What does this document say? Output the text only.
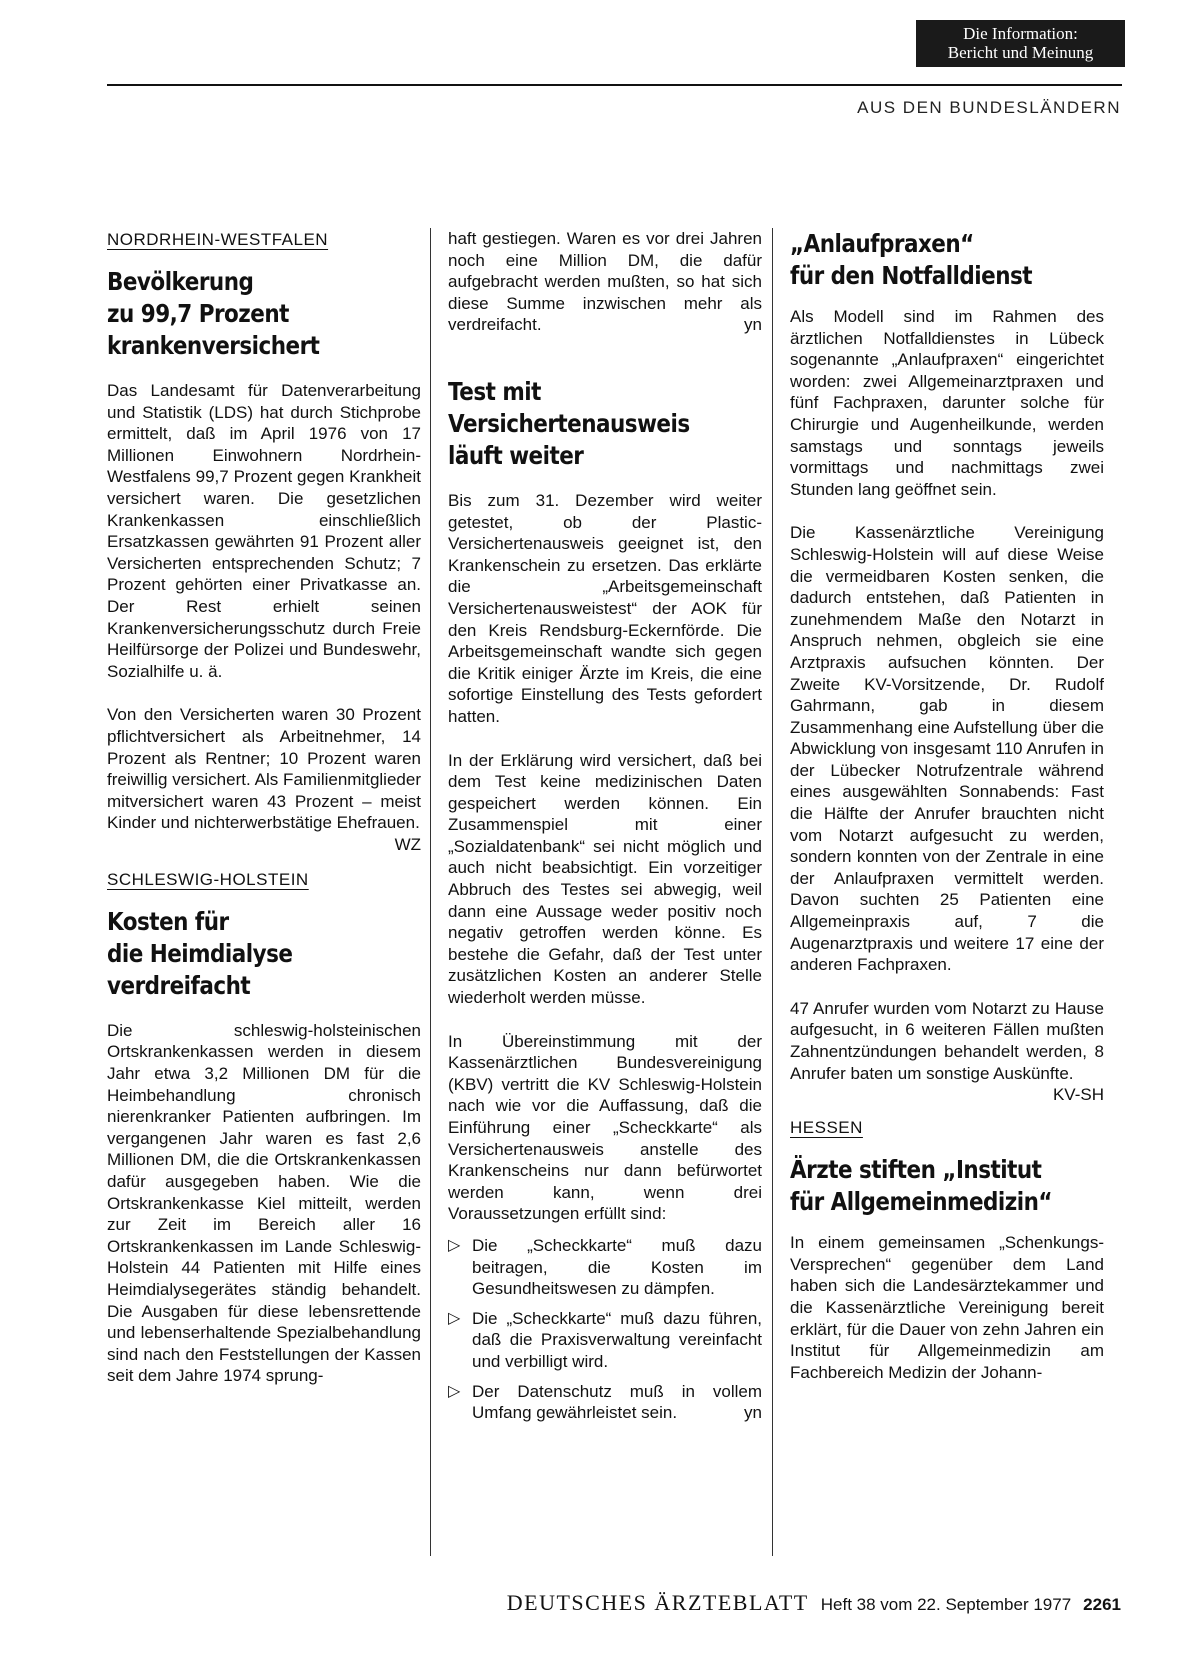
Die Information:
Bericht und Meinung
AUS DEN BUNDESLÄNDERN

NORDRHEIN-WESTFALEN

Bevölkerung
zu 99,7 Prozent
krankenversichert

Das Landesamt für Datenverarbeitung und Statistik (LDS) hat durch Stichprobe ermittelt, daß im April 1976 von 17 Millionen Einwohnern Nordrhein-Westfalens 99,7 Prozent gegen Krankheit versichert waren. Die gesetzlichen Krankenkassen einschließlich Ersatzkassen gewährten 91 Prozent aller Versicherten entsprechenden Schutz; 7 Prozent gehörten einer Privatkasse an. Der Rest erhielt seinen Krankenversicherungsschutz durch Freie Heilfürsorge der Polizei und Bundeswehr, Sozialhilfe u. ä.

Von den Versicherten waren 30 Prozent pflichtversichert als Arbeitnehmer, 14 Prozent als Rentner; 10 Prozent waren freiwillig versichert. Als Familienmitglieder mitversichert waren 43 Prozent – meist Kinder und nichterwerbstätige Ehefrauen.
WZ

SCHLESWIG-HOLSTEIN

Kosten für
die Heimdialyse
verdreifacht

Die schleswig-holsteinischen Ortskrankenkassen werden in diesem Jahr etwa 3,2 Millionen DM für die Heimbehandlung chronisch nierenkranker Patienten aufbringen. Im vergangenen Jahr waren es fast 2,6 Millionen DM, die die Ortskrankenkassen dafür ausgegeben haben. Wie die Ortskrankenkasse Kiel mitteilt, werden zur Zeit im Bereich aller 16 Ortskrankenkassen im Lande Schleswig-Holstein 44 Patienten mit Hilfe eines Heimdialysegerätes ständig behandelt. Die Ausgaben für diese lebensrettende und lebenserhaltende Spezialbehandlung sind nach den Feststellungen der Kassen seit dem Jahre 1974 sprung-

haft gestiegen. Waren es vor drei Jahren noch eine Million DM, die dafür aufgebracht werden mußten, so hat sich diese Summe inzwischen mehr als verdreifacht.	yn

Test mit
Versichertenausweis
läuft weiter

Bis zum 31. Dezember wird weiter getestet, ob der Plastic-Versichertenausweis geeignet ist, den Krankenschein zu ersetzen. Das erklärte die „Arbeitsgemeinschaft Versichertenausweistest“ der AOK für den Kreis Rendsburg-Eckernförde. Die Arbeitsgemeinschaft wandte sich gegen die Kritik einiger Ärzte im Kreis, die eine sofortige Einstellung des Tests gefordert hatten.

In der Erklärung wird versichert, daß bei dem Test keine medizinischen Daten gespeichert werden können. Ein Zusammenspiel mit einer „Sozialdatenbank“ sei nicht möglich und auch nicht beabsichtigt. Ein vorzeitiger Abbruch des Testes sei abwegig, weil dann eine Aussage weder positiv noch negativ getroffen werden könne. Es bestehe die Gefahr, daß der Test unter zusätzlichen Kosten an anderer Stelle wiederholt werden müsse.

In Übereinstimmung mit der Kassenärztlichen Bundesvereinigung (KBV) vertritt die KV Schleswig-Holstein nach wie vor die Auffassung, daß die Einführung einer „Scheckkarte“ als Versichertenausweis anstelle des Krankenscheins nur dann befürwortet werden kann, wenn drei Voraussetzungen erfüllt sind:

▷ Die „Scheckkarte“ muß dazu beitragen, die Kosten im Gesundheitswesen zu dämpfen.
▷ Die „Scheckkarte“ muß dazu führen, daß die Praxisverwaltung vereinfacht und verbilligt wird.
▷ Der Datenschutz muß in vollem Umfang gewährleistet sein.	yn
„Anlaufpraxen“
für den Notfalldienst

Als Modell sind im Rahmen des ärztlichen Notfalldienstes in Lübeck sogenannte „Anlaufpraxen“ eingerichtet worden: zwei Allgemeinarztpraxen und fünf Fachpraxen, darunter solche für Chirurgie und Augenheilkunde, werden samstags und sonntags jeweils vormittags und nachmittags zwei Stunden lang geöffnet sein.

Die Kassenärztliche Vereinigung Schleswig-Holstein will auf diese Weise die vermeidbaren Kosten senken, die dadurch entstehen, daß Patienten in zunehmendem Maße den Notarzt in Anspruch nehmen, obgleich sie eine Arztpraxis aufsuchen könnten. Der Zweite KV-Vorsitzende, Dr. Rudolf Gahrmann, gab in diesem Zusammenhang eine Aufstellung über die Abwicklung von insgesamt 110 Anrufen in der Lübecker Notrufzentrale während eines ausgewählten Sonnabends: Fast die Hälfte der Anrufer brauchten nicht vom Notarzt aufgesucht zu werden, sondern konnten von der Zentrale in eine der Anlaufpraxen vermittelt werden. Davon suchten 25 Patienten eine Allgemeinpraxis auf, 7 die Augenarztpraxis und weitere 17 eine der anderen Fachpraxen.

47 Anrufer wurden vom Notarzt zu Hause aufgesucht, in 6 weiteren Fällen mußten Zahnentzündungen behandelt werden, 8 Anrufer baten um sonstige Auskünfte.
KV-SH

HESSEN

Ärzte stiften „Institut
für Allgemeinmedizin“

In einem gemeinsamen „Schenkungs-Versprechen“ gegenüber dem Land haben sich die Landesärztekammer und die Kassenärztliche Vereinigung bereit erklärt, für die Dauer von zehn Jahren ein Institut für Allgemeinmedizin am Fachbereich Medizin der Johann-

DEUTSCHES ÄRZTEBLATT Heft 38 vom 22. September 1977 2261
